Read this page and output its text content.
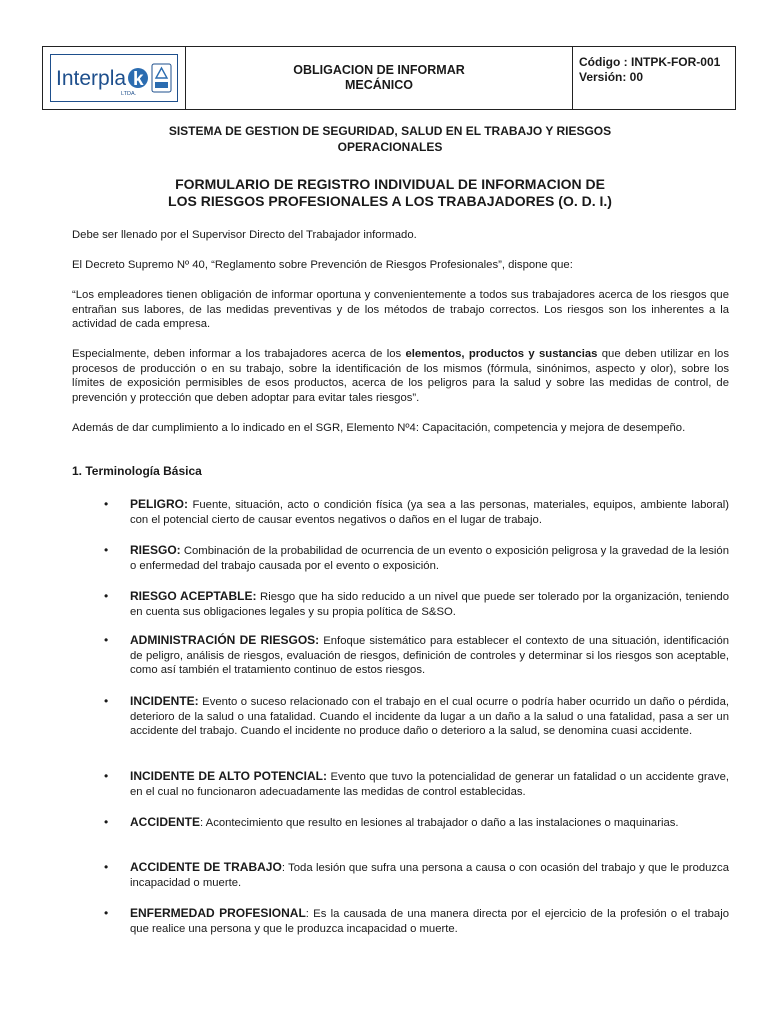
Interpla k
LTDA.
OBLIGACION DE INFORMAR
MECÁNICO
Código : INTPK-FOR-001
Versión: 00
SISTEMA DE GESTION DE SEGURIDAD, SALUD EN EL TRABAJO Y RIESGOS OPERACIONALES
FORMULARIO DE REGISTRO INDIVIDUAL DE INFORMACION DE
LOS RIESGOS PROFESIONALES A LOS TRABAJADORES (O. D. I.)

Debe ser llenado por el Supervisor Directo del Trabajador informado.

El Decreto Supremo Nº 40, “Reglamento sobre Prevención de Riesgos Profesionales”, dispone que:

“Los empleadores tienen obligación de informar oportuna y convenientemente a todos sus trabajadores acerca de los riesgos que entrañan sus labores, de las medidas preventivas y de los métodos de trabajo correctos. Los riesgos son los inherentes a la actividad de cada empresa.

Especialmente, deben informar a los trabajadores acerca de los elementos, productos y sustancias que deben utilizar en los procesos de producción o en su trabajo, sobre la identificación de los mismos (fórmula, sinónimos, aspecto y olor), sobre los límites de exposición permisibles de esos productos, acerca de los peligros para la salud y sobre las medidas de control, de prevención y protección que deben adoptar para evitar tales riesgos”.

Además de dar cumplimiento a lo indicado en el SGR, Elemento Nº4: Capacitación, competencia y mejora de desempeño.

1. Terminología Básica
• PELIGRO: Fuente, situación, acto o condición física (ya sea a las personas, materiales, equipos, ambiente laboral) con el potencial cierto de causar eventos negativos o daños en el lugar de trabajo.
• RIESGO: Combinación de la probabilidad de ocurrencia de un evento o exposición peligrosa y la gravedad de la lesión o enfermedad del trabajo causada por el evento o exposición.
• RIESGO ACEPTABLE: Riesgo que ha sido reducido a un nivel que puede ser tolerado por la organización, teniendo en cuenta sus obligaciones legales y su propia política de S&SO.
• ADMINISTRACIÓN DE RIESGOS: Enfoque sistemático para establecer el contexto de una situación, identificación de peligro, análisis de riesgos, evaluación de riesgos, definición de controles y determinar si los riesgos son aceptable, como así también el tratamiento continuo de estos riesgos.
• INCIDENTE: Evento o suceso relacionado con el trabajo en el cual ocurre o podría haber ocurrido un daño o pérdida, deterioro de la salud o una fatalidad. Cuando el incidente da lugar a un daño a la salud o una fatalidad, pasa a ser un accidente del trabajo. Cuando el incidente no produce daño o deterioro a la salud, se denomina cuasi accidente.
• INCIDENTE DE ALTO POTENCIAL: Evento que tuvo la potencialidad de generar un fatalidad o un accidente grave, en el cual no funcionaron adecuadamente las medidas de control establecidas.
• ACCIDENTE: Acontecimiento que resulto en lesiones al trabajador o daño a las instalaciones o maquinarias.
• ACCIDENTE DE TRABAJO: Toda lesión que sufra una persona a causa o con ocasión del trabajo y que le produzca incapacidad o muerte.
• ENFERMEDAD PROFESIONAL: Es la causada de una manera directa por el ejercicio de la profesión o el trabajo que realice una persona y que le produzca incapacidad o muerte.
